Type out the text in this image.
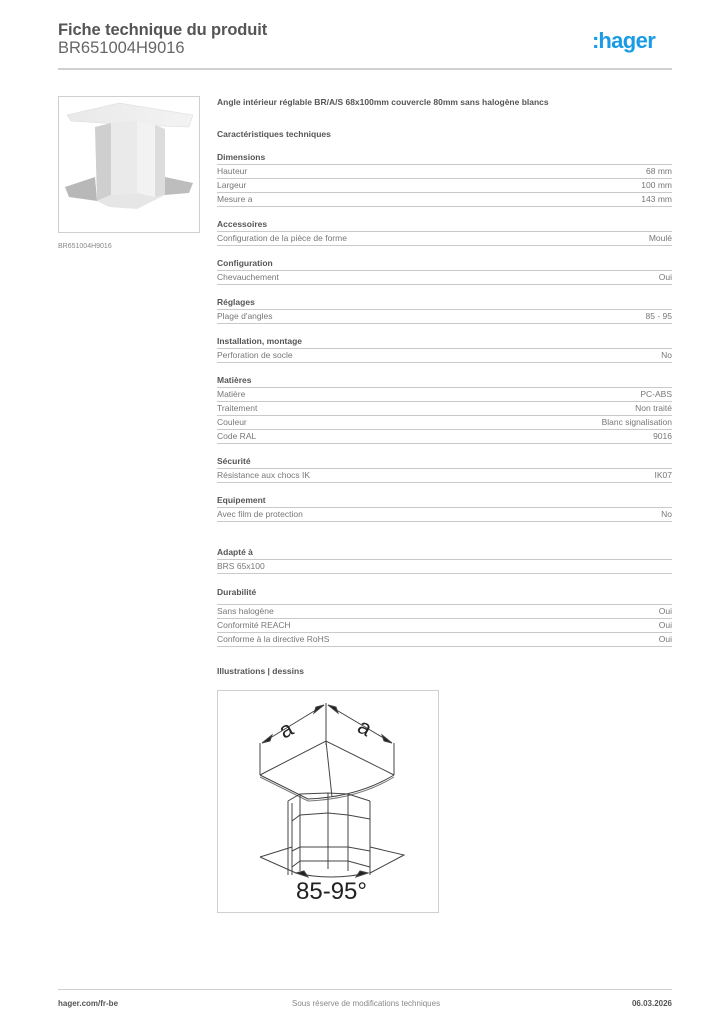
Fiche technique du produit
BR651004H9016	:hager
BR651004H9016
Angle intérieur réglable BR/A/S 68x100mm couvercle 80mm sans halogène blancs
Caractéristiques techniques
Dimensions
Hauteur	68 mm
Largeur	100 mm
Mesure a	143 mm
Accessoires
Configuration de la pièce de forme	Moulé
Configuration
Chevauchement	Oui
Réglages
Plage d'angles	85 - 95
Installation, montage
Perforation de socle	No
Matières
Matière	PC-ABS
Traitement	Non traité
Couleur	Blanc signalisation
Code RAL	9016
Sécurité
Résistance aux chocs IK	IK07
Equipement
Avec film de protection	No
Adapté à
BRS 65x100
Durabilité
Sans halogène	Oui
Conformité REACH	Oui
Conforme à la directive RoHS	Oui
Illustrations | dessins
a	a
85-95°
hager.com/fr-be	Sous réserve de modifications techniques	06.03.2026
